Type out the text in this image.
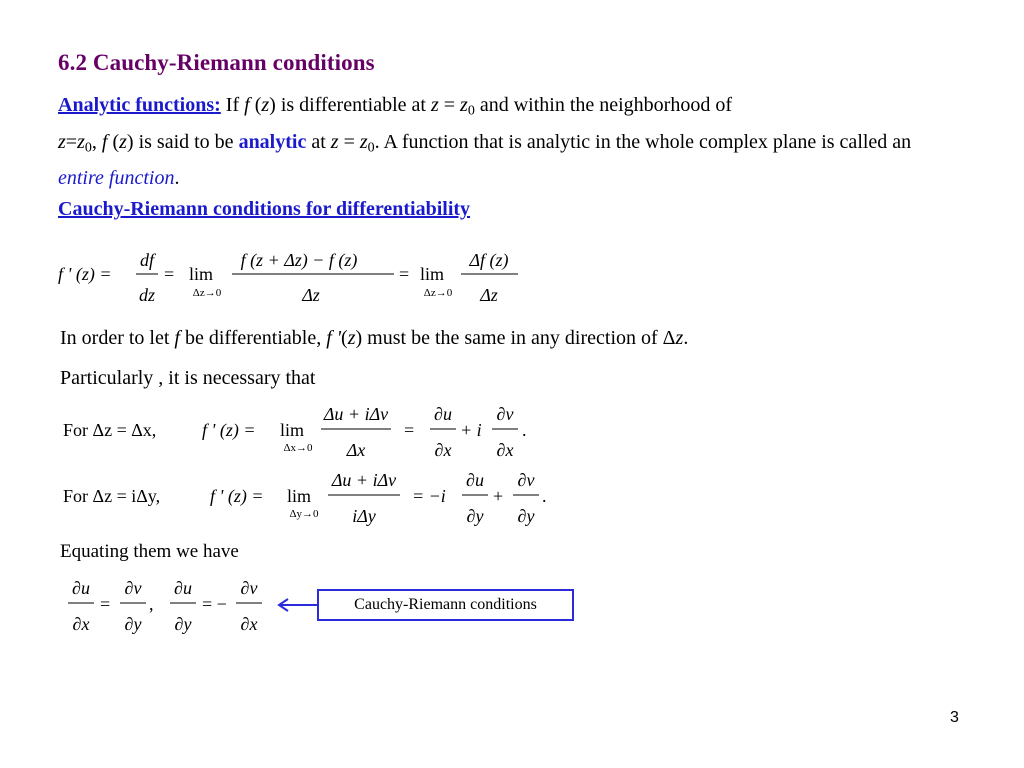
6.2 Cauchy-Riemann conditions

Analytic functions: If f (z) is differentiable at $z = z_0$ and within the neighborhood of
$z=z_0$, f (z) is said to be analytic at $z = z_0$. A function that is analytic in the whole complex plane is called an entire function.

Cauchy-Riemann conditions for differentiability
f ' (z) =
df
dz
= lim
Δz→0
f (z + Δz) − f (z)
Δz
= lim
Δz→0
Δf (z)
Δz

In order to let f be differentiable, f '(z) must be the same in any direction of Δz.

Particularly , it is necessary that

For Δz = Δx,	f ' (z) = lim
Δx→0
Δu + iΔv
Δx
=
∂u
∂x
+ i
∂v
∂x
.
For Δz = iΔy,	f ' (z) = lim
Δy→0
Δu + iΔv
iΔy
= −i
∂u
∂y
+
∂v
∂y
.

Equating them we have

∂u
∂x
=
∂v
∂y
,
∂u
∂y
= −
∂v
∂x
Cauchy-Riemann conditions
3
